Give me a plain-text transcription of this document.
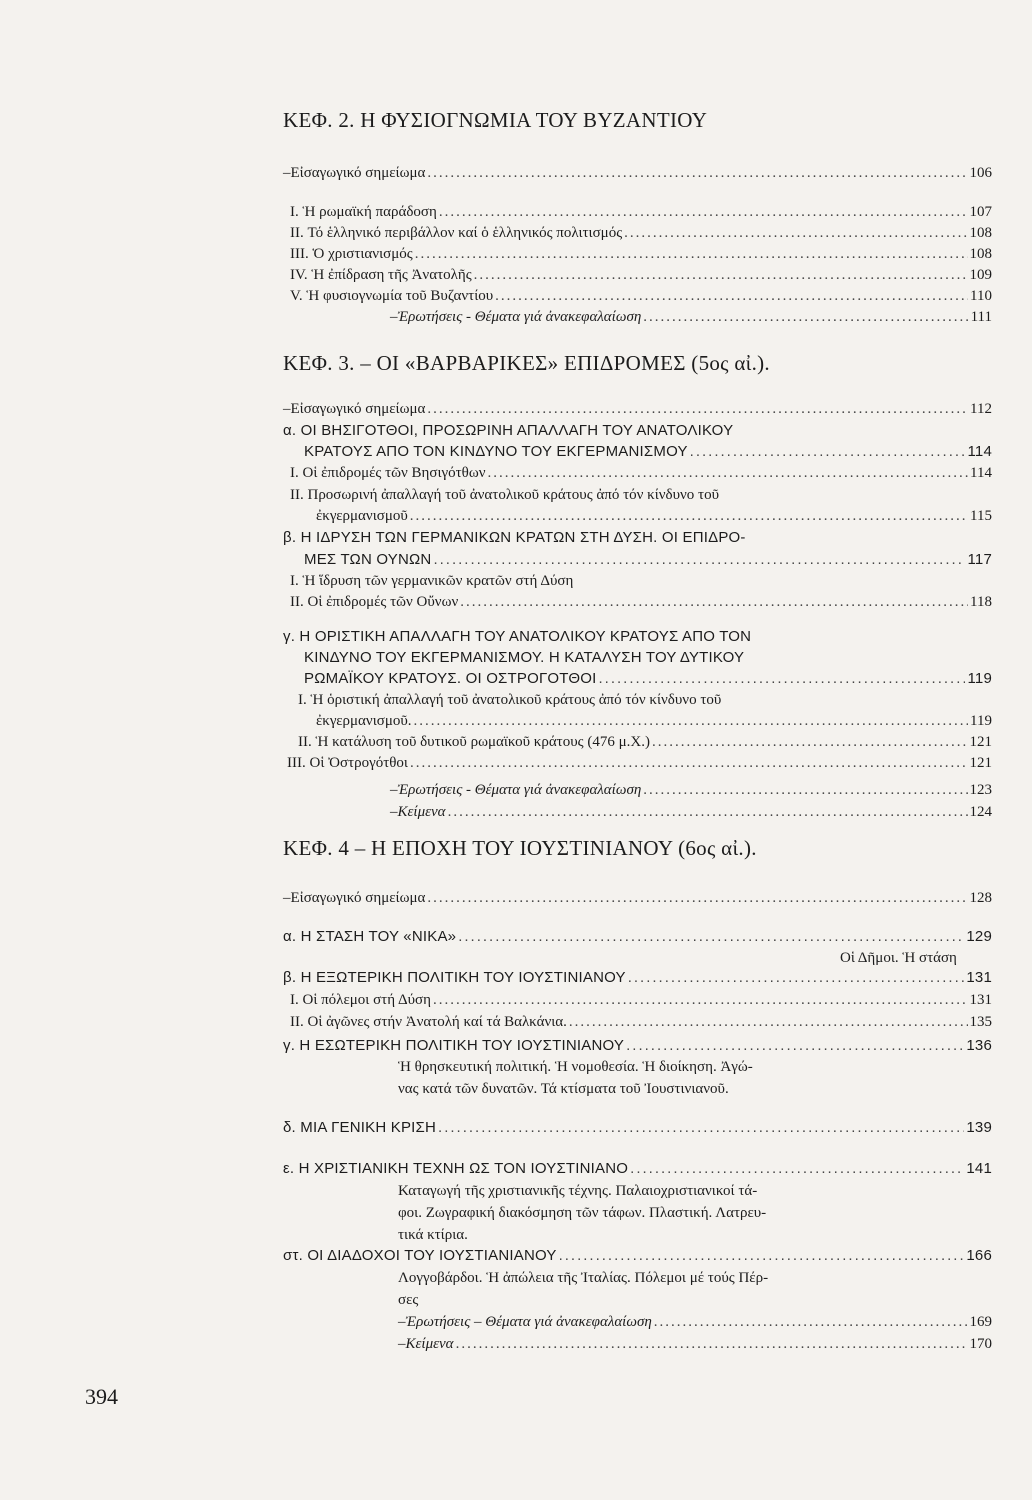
ΚΕΦ. 2. Η ΦΥΣΙΟΓΝΩΜΙΑ ΤΟΥ ΒΥΖΑΝΤΙΟΥ
–Εἰσαγωγικό σημείωμα .....	106
I. Ἡ ρωμαϊκή παράδοση .....	107
II. Τό ἑλληνικό περιβάλλον καί ὁ ἑλληνικός πολιτισμός .....	108
III. Ὁ χριστιανισμός .....	108
IV. Ἡ ἐπίδραση τῆς Ἀνατολῆς .....	109
V. Ἡ φυσιογνωμία τοῦ Βυζαντίου .....	110
–Ἐρωτήσεις - Θέματα γιά ἀνακεφαλαίωση .....	111
ΚΕΦ. 3. – ΟΙ «ΒΑΡΒΑΡΙΚΕΣ» ΕΠΙΔΡΟΜΕΣ (5ος αἰ.).
–Εἰσαγωγικό σημείωμα .....	112
α. ΟΙ ΒΗΣΙΓΟΤΘΟΙ, ΠΡΟΣΩΡΙΝΗ ΑΠΑΛΛΑΓΗ ΤΟΥ ΑΝΑΤΟΛΙΚΟΥ
ΚΡΑΤΟΥΣ ΑΠΟ ΤΟΝ ΚΙΝΔΥΝΟ ΤΟΥ ΕΚΓΕΡΜΑΝΙΣΜΟΥ .....	114
I. Οἱ ἐπιδρομές τῶν Βησιγότθων .....	114
II. Προσωρινή ἀπαλλαγή τοῦ ἀνατολικοῦ κράτους ἀπό τόν κίνδυνο τοῦ
ἐκγερμανισμοῦ .....	115
β. Η ΙΔΡΥΣΗ ΤΩΝ ΓΕΡΜΑΝΙΚΩΝ ΚΡΑΤΩΝ ΣΤΗ ΔΥΣΗ. ΟΙ ΕΠΙΔΡΟ-
ΜΕΣ ΤΩΝ ΟΥΝΩΝ .....	117
I. Ἡ ἵδρυση τῶν γερμανικῶν κρατῶν στή Δύση
II. Οἱ ἐπιδρομές τῶν Οὔνων .....	118
γ. Η ΟΡΙΣΤΙΚΗ ΑΠΑΛΛΑΓΗ ΤΟΥ ΑΝΑΤΟΛΙΚΟΥ ΚΡΑΤΟΥΣ ΑΠΟ ΤΟΝ
ΚΙΝΔΥΝΟ ΤΟΥ ΕΚΓΕΡΜΑΝΙΣΜΟΥ. Η ΚΑΤΑΛΥΣΗ ΤΟΥ ΔΥΤΙΚΟΥ
ΡΩΜΑΪΚΟΥ ΚΡΑΤΟΥΣ. ΟΙ ΟΣΤΡΟΓΟΤΘΟΙ .....	119
I. Ἡ ὁριστική ἀπαλλαγή τοῦ ἀνατολικοῦ κράτους ἀπό τόν κίνδυνο τοῦ
ἐκγερμανισμοῦ. .....	119
II. Ἡ κατάλυση τοῦ δυτικοῦ ρωμαϊκοῦ κράτους (476 μ.Χ.) .....	121
III. Οἱ Ὀστρογότθοι .....	121
–Ἐρωτήσεις - Θέματα γιά ἀνακεφαλαίωση .....	123
–Κείμενα .....	124
ΚΕΦ. 4 – Η ΕΠΟΧΗ ΤΟΥ ΙΟΥΣΤΙΝΙΑΝΟΥ (6ος αἰ.).
–Εἰσαγωγικό σημείωμα .....	128
α. Η ΣΤΑΣΗ ΤΟΥ «ΝΙΚΑ» .....	129
Οἱ Δῆμοι. Ἡ στάση
β. Η ΕΞΩΤΕΡΙΚΗ ΠΟΛΙΤΙΚΗ ΤΟΥ ΙΟΥΣΤΙΝΙΑΝΟΥ .....	131
I. Οἱ πόλεμοι στή Δύση .....	131
II. Οἱ ἀγῶνες στήν Ἀνατολή καί τά Βαλκάνια. .....	135
γ. Η ΕΣΩΤΕΡΙΚΗ ΠΟΛΙΤΙΚΗ ΤΟΥ ΙΟΥΣΤΙΝΙΑΝΟΥ .....	136
Ἡ θρησκευτική πολιτική. Ἡ νομοθεσία. Ἡ διοίκηση. Ἀγώ-
νας κατά τῶν δυνατῶν. Τά κτίσματα τοῦ Ἰουστινιανοῦ.
δ. ΜΙΑ ΓΕΝΙΚΗ ΚΡΙΣΗ .....	139
ε. Η ΧΡΙΣΤΙΑΝΙΚΗ ΤΕΧΝΗ ΩΣ ΤΟΝ ΙΟΥΣΤΙΝΙΑΝΟ .....	141
Καταγωγή τῆς χριστιανικῆς τέχνης. Παλαιοχριστιανικοί τά-
φοι. Ζωγραφική διακόσμηση τῶν τάφων. Πλαστική. Λατρευ-
τικά κτίρια.
στ. ΟΙ ΔΙΑΔΟΧΟΙ ΤΟΥ ΙΟΥΣΤΙΑΝΙΑΝΟΥ .....	166
Λογγοβάρδοι. Ἡ ἀπώλεια τῆς Ἰταλίας. Πόλεμοι μέ τούς Πέρ-
σες
–Ἐρωτήσεις – Θέματα γιά ἀνακεφαλαίωση .....	169
–Κείμενα .....	170
394
